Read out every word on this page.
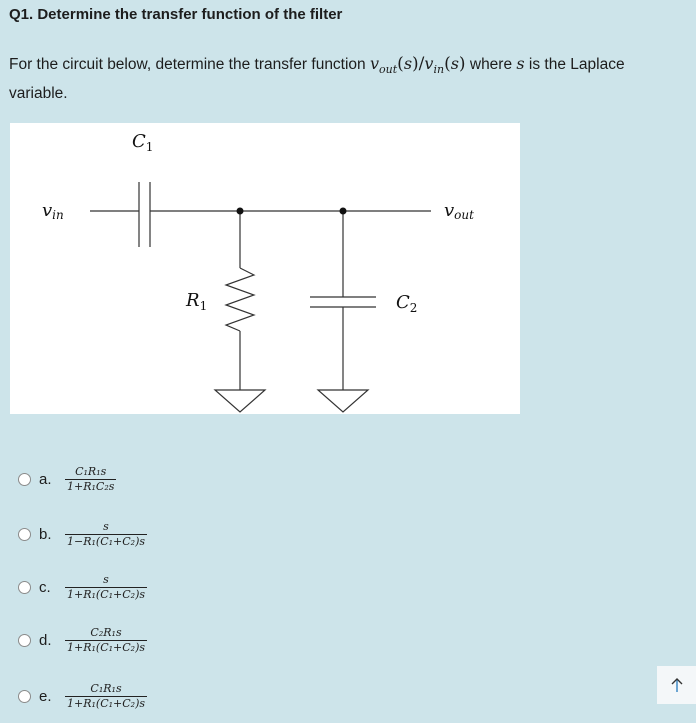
Q1. Determine the transfer function of the filter
For the circuit below, determine the transfer function $v_{out}(s)/v_{in}(s)$ where s is the Laplace variable.
$C_1$
vin	vout
$R_1$	$C_2$
a.	$\frac{\text{C₁R₁s}}{\text{1+R₁C₂s}}$
b.	$\frac{s}{\text{1−R₁(C₁+C₂)s}}$
c.	$\frac{s}{\text{1+R₁(C₁+C₂)s}}$
d.	$\frac{\text{C₂R₁s}}{\text{1+R₁(C₁+C₂)s}}$
e.	$\frac{\text{C₁R₁s}}{\text{1+R₁(C₁+C₂)s}}$
